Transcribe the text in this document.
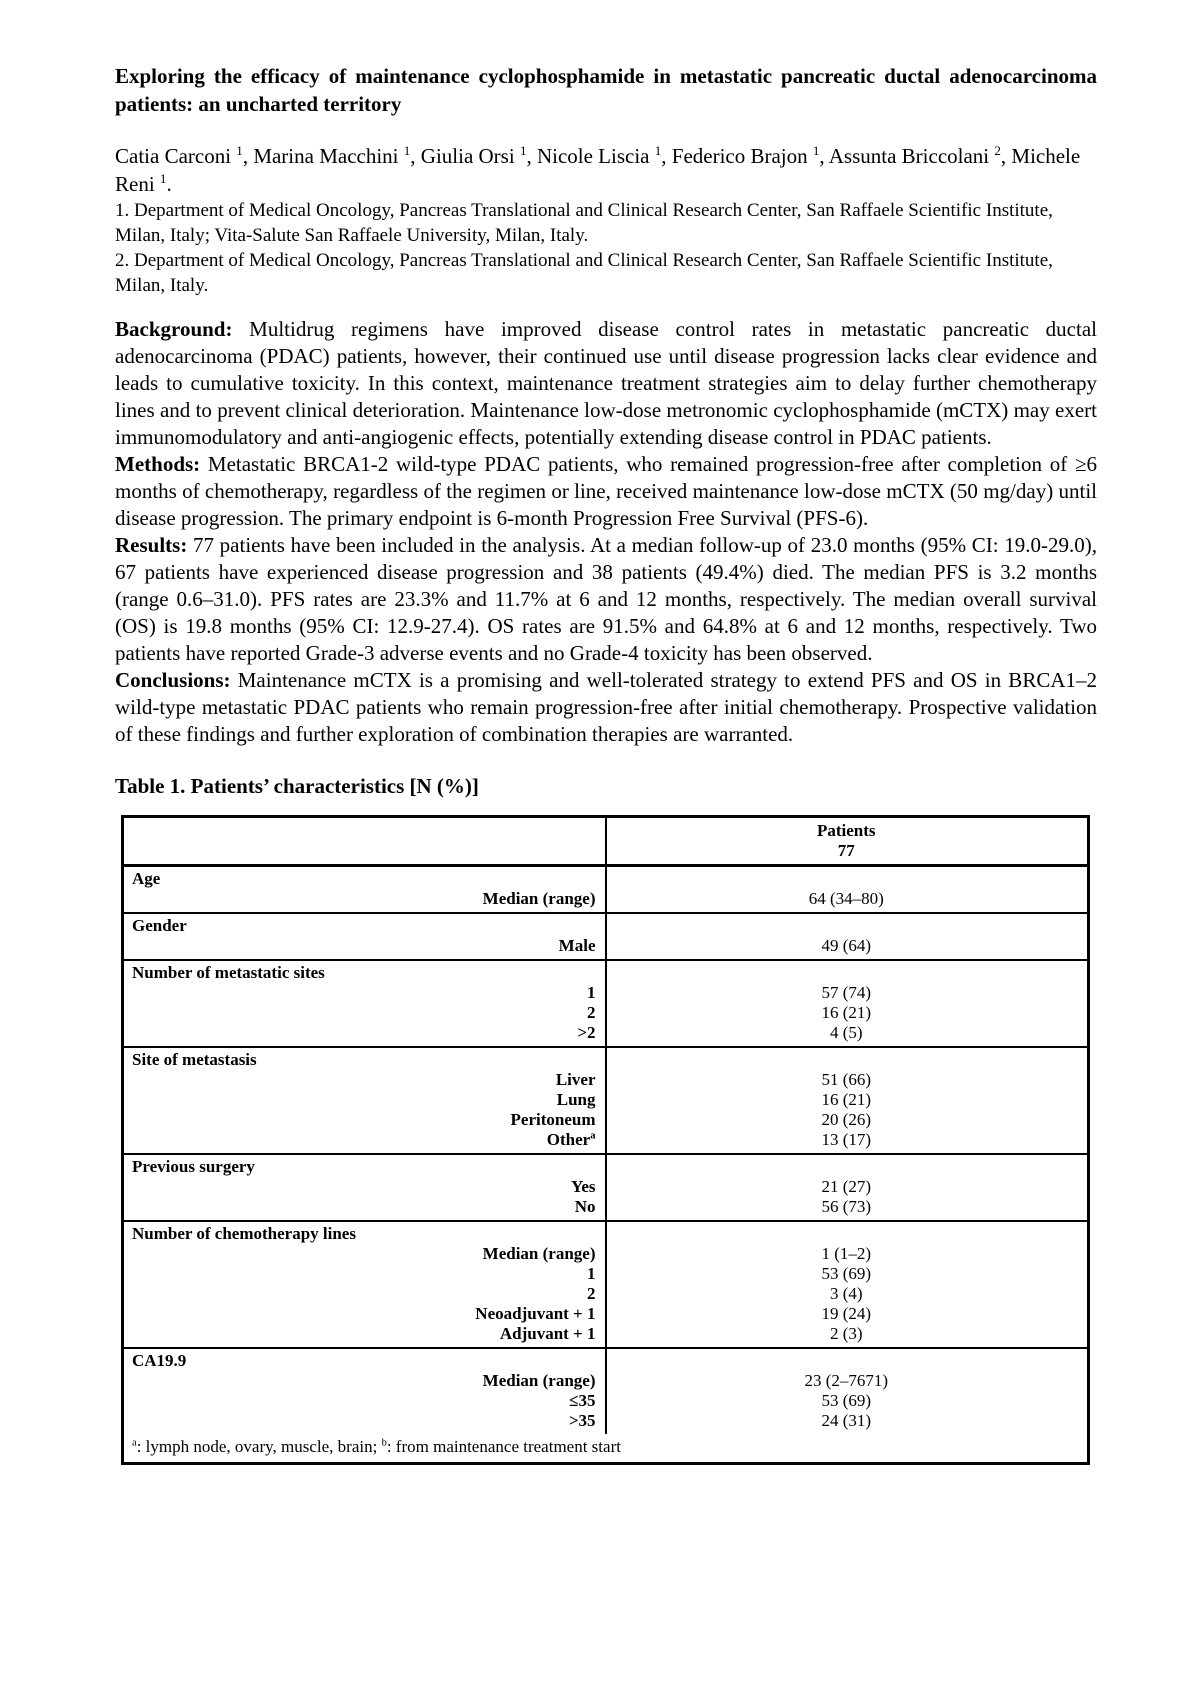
Exploring the efficacy of maintenance cyclophosphamide in metastatic pancreatic ductal adenocarcinoma patients: an uncharted territory

Catia Carconi $^1$, Marina Macchini $^1$, Giulia Orsi $^1$, Nicole Liscia $^1$, Federico Brajon $^1$, Assunta Briccolani $^2$, Michele Reni $^1$.

1. Department of Medical Oncology, Pancreas Translational and Clinical Research Center, San Raffaele Scientific Institute, Milan, Italy; Vita-Salute San Raffaele University, Milan, Italy.

2. Department of Medical Oncology, Pancreas Translational and Clinical Research Center, San Raffaele Scientific Institute, Milan, Italy.

Background: Multidrug regimens have improved disease control rates in metastatic pancreatic ductal adenocarcinoma (PDAC) patients, however, their continued use until disease progression lacks clear evidence and leads to cumulative toxicity. In this context, maintenance treatment strategies aim to delay further chemotherapy lines and to prevent clinical deterioration. Maintenance low-dose metronomic cyclophosphamide (mCTX) may exert immunomodulatory and anti-angiogenic effects, potentially extending disease control in PDAC patients.

Methods: Metastatic BRCA1-2 wild-type PDAC patients, who remained progression-free after completion of ≥6 months of chemotherapy, regardless of the regimen or line, received maintenance low-dose mCTX (50 mg/day) until disease progression. The primary endpoint is 6-month Progression Free Survival (PFS-6).

Results: 77 patients have been included in the analysis. At a median follow-up of 23.0 months (95% CI: 19.0-29.0), 67 patients have experienced disease progression and 38 patients (49.4%) died. The median PFS is 3.2 months (range 0.6–31.0). PFS rates are 23.3% and 11.7% at 6 and 12 months, respectively. The median overall survival (OS) is 19.8 months (95% CI: 12.9-27.4). OS rates are 91.5% and 64.8% at 6 and 12 months, respectively. Two patients have reported Grade-3 adverse events and no Grade-4 toxicity has been observed.

Conclusions: Maintenance mCTX is a promising and well-tolerated strategy to extend PFS and OS in BRCA1–2 wild-type metastatic PDAC patients who remain progression-free after initial chemotherapy. Prospective validation of these findings and further exploration of combination therapies are warranted.

Table 1. Patients’ characteristics [N (%)]

Patients
77
Age
Median (range)	64 (34–80)
Gender
Male	49 (64)
Number of metastatic sites
1	57 (74)
2	16 (21)
>2	4 (5)
Site of metastasis
Liver	51 (66)
Lung	16 (21)
Peritoneum	20 (26)
Other$^a$	13 (17)
Previous surgery
Yes	21 (27)
No	56 (73)
Number of chemotherapy lines
Median (range)	1 (1–2)
1	53 (69)
2	3 (4)
Neoadjuvant + 1	19 (24)
Adjuvant + 1	2 (3)
CA19.9
Median (range)	23 (2–7671)
≤35	53 (69)
>35	24 (31)
$^a$: lymph node, ovary, muscle, brain; $^b$: from maintenance treatment start
